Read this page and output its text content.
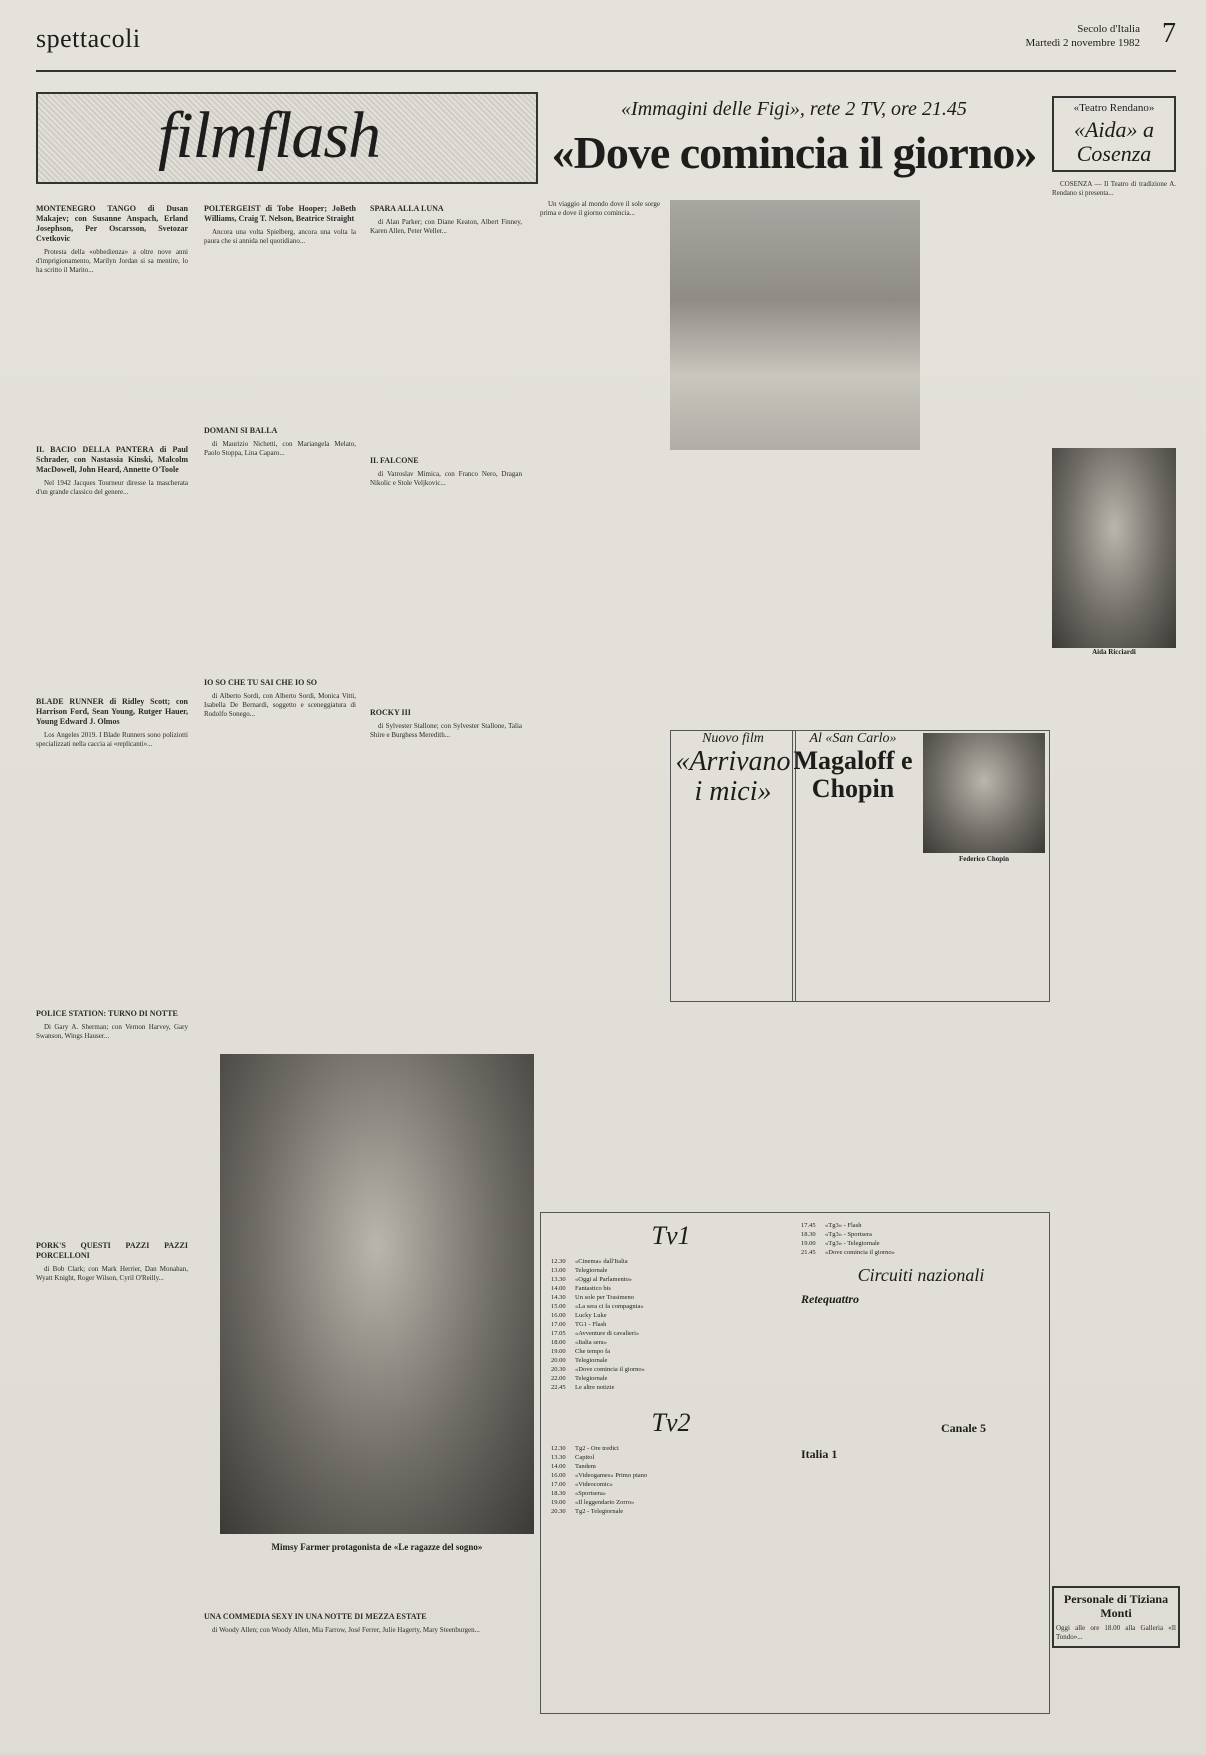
spettacoli	Secolo d'Italia
Martedì 2 novembre 1982 7
filmflash
MONTENEGRO TANGO di Dusan Makajev; con Susanne Anspach, Erland Josephson, Per Oscarsson, Svetozar Cvetkovic

Protesta della «obbedienza» a oltre nove anni d'imprigionamento, Marilyn Jordan si sa mentire, lo ha scritto il Marito...

IL BACIO DELLA PANTERA di Paul Schrader, con Nastassia Kinski, Malcolm MacDowell, John Heard, Annette O'Toole

Nel 1942 Jacques Tourneur diresse la mascherata d'un grande classico del genere...

BLADE RUNNER di Ridley Scott; con Harrison Ford, Sean Young, Rutger Hauer, Young Edward J. Olmos

Los Angeles 2019. I Blade Runners sono poliziotti specializzati nella caccia ai «replicanti»...

POLICE STATION: TURNO DI NOTTE

Di Gary A. Sherman; con Vernon Harvey, Gary Swanson, Wings Hauser...

PORK'S QUESTI PAZZI PAZZI PORCELLONI

di Bob Clark; con Mark Herrier, Dan Monahan, Wyatt Knight, Roger Wilson, Cyril O'Reilly...

POLTERGEIST di Tobe Hooper; JoBeth Williams, Craig T. Nelson, Beatrice Straight

Ancora una volta Spielberg, ancora una volta la paura che si annida nel quotidiano...

DOMANI SI BALLA

di Maurizio Nichetti, con Mariangela Melato, Paolo Stoppa, Lina Caparo...

IO SO CHE TU SAI CHE IO SO

di Alberto Sordi, con Alberto Sordi, Monica Vitti, Isabella De Bernardi, soggetto e sceneggiatura di Rodolfo Sonego...

SPARA ALLA LUNA

di Alan Parker; con Diane Keaton, Albert Finney, Karen Allen, Peter Weller...

IL FALCONE

di Vatroslav Mimica, con Franco Nero, Dragan Nikolic e Stole Veljkovic...

ROCKY III

di Sylvester Stallone; con Sylvester Stallone, Talia Shire e Burghess Meredith...

Mimsy Farmer protagonista de «Le ragazze del sogno»
UNA COMMEDIA SEXY IN UNA NOTTE DI MEZZA ESTATE

di Woody Allen; con Woody Allen, Mia Farrow, José Ferrer, Julie Hagerty, Mary Steenburgen...

«Immagini delle Figi», rete 2 TV, ore 21.45
«Dove comincia il giorno»

Un viaggio al mondo dove il sole sorge prima e dove il giorno comincia...

Nuovo film
«Arrivano i mici»
Al «San Carlo»
Magaloff e Chopin
Federico Chopin
«Teatro Rendano»
«Aida» a Cosenza

COSENZA — Il Teatro di tradizione A. Rendano si presenta...

Aida Ricciardi
Personale di Tiziana Monti
Oggi alle ore 18.00 alla Galleria «Il Tondo»...
Tv1
12.30	«Cinema» dall'Italia
13.00	Telegiornale
13.30	«Oggi al Parlamento»
14.00	Fantastico bis
14.30	Un sole per Trasimeno
15.00	«La sera ci fa compagnia»
16.00	Lucky Luke
17.00	TG1 - Flash
17.05	«Avventure di cavalieri»
18.00	«Italia sera»
19.00	Che tempo fa
20.00	Telegiornale
20.30	«Dove comincia il giorno»
22.00	Telegiornale
22.45	Le altre notizie
Tv2
12.30	Tg2 - Ore tredici
13.30	Capitol
14.00	Tandem
16.00	«Videogames» Primo piano
17.00	«Videocomic»
18.30	«Sportsera»
19.00	«Il leggendario Zorro»
20.30	Tg2 - Telegiornale
17.45	«Tg3» - Flash
18.30	«Tg3» - Sportsera
19.00	«Tg3» - Telegiornale
21.45	«Dove comincia il giorno»
Circuiti nazionali
Retequattro
Italia 1
Canale 5
